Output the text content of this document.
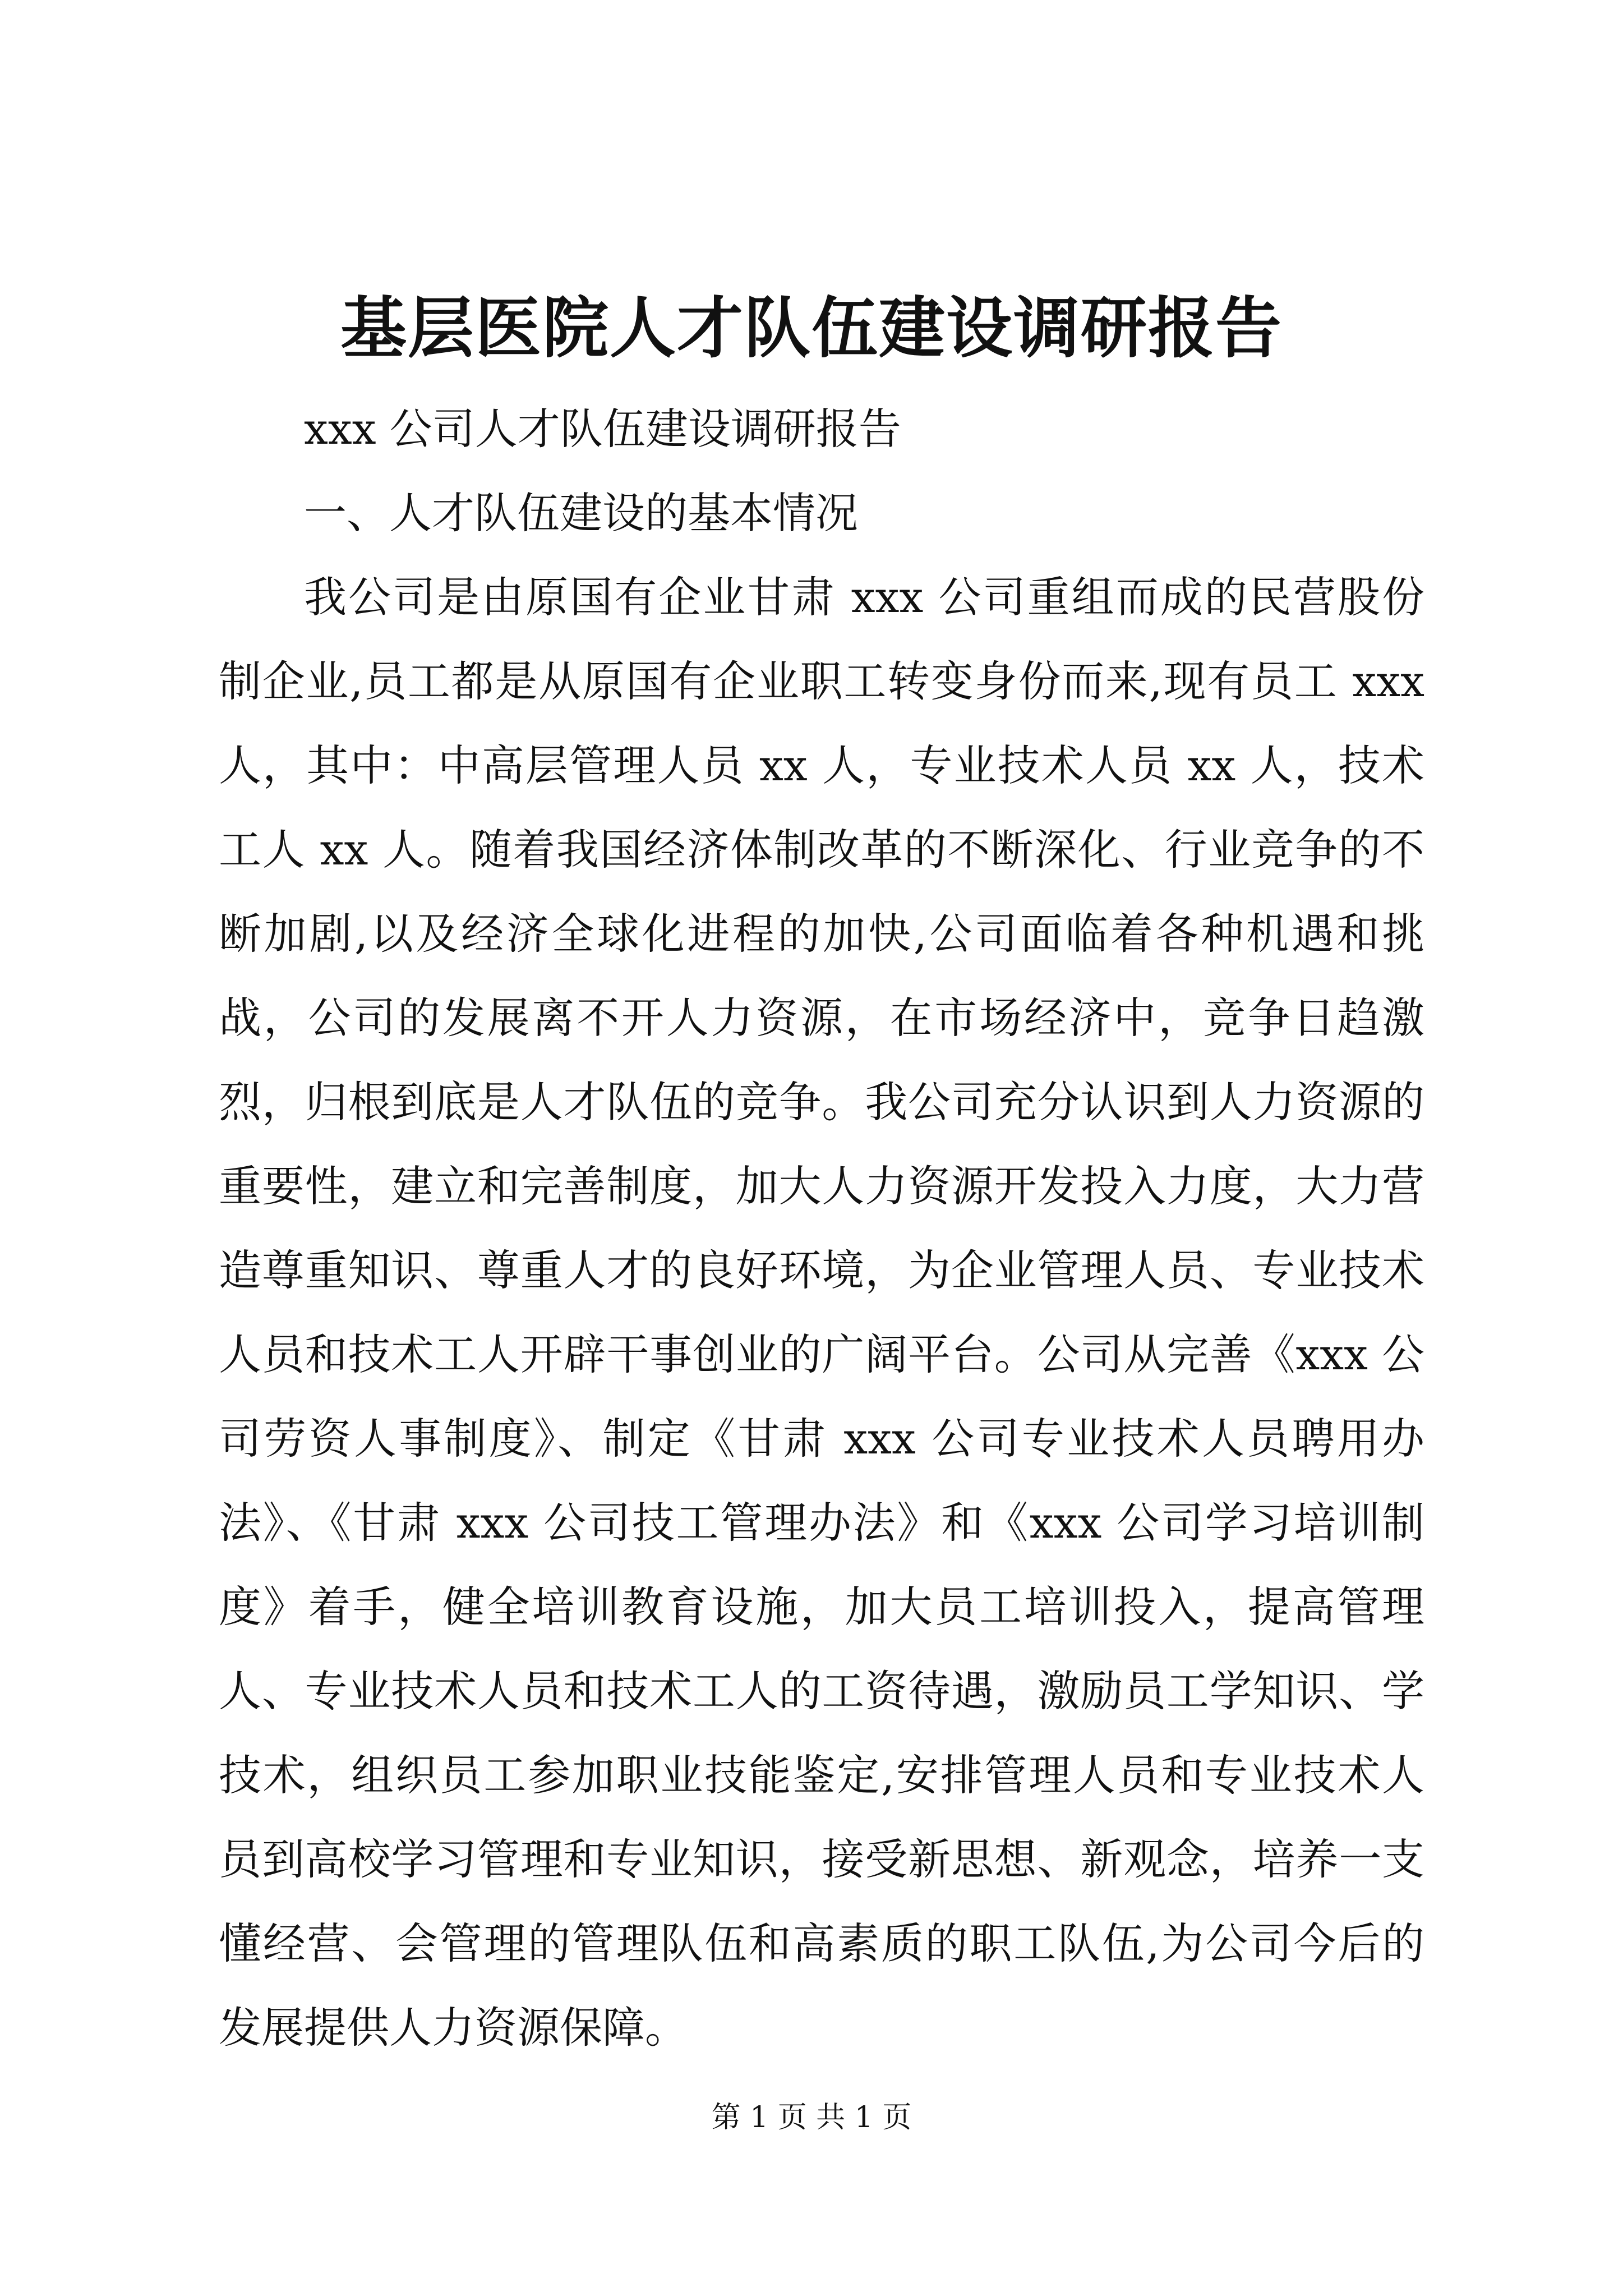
基层医院人才队伍建设调研报告

xxx 公司人才队伍建设调研报告

一、人才队伍建设的基本情况

我公司是由原国有企业甘肃 xxx 公司重组而成的民营股份制企业,员工都是从原国有企业职工转变身份而来,现有员工 xxx 人，其中：中高层管理人员 xx 人，专业技术人员 xx 人，技术工人 xx 人。随着我国经济体制改革的不断深化、行业竞争的不断加剧,以及经济全球化进程的加快,公司面临着各种机遇和挑战，公司的发展离不开人力资源，在市场经济中，竞争日趋激烈，归根到底是人才队伍的竞争。我公司充分认识到人力资源的重要性，建立和完善制度，加大人力资源开发投入力度，大力营造尊重知识、尊重人才的良好环境，为企业管理人员、专业技术人员和技术工人开辟干事创业的广阔平台。公司从完善《xxx 公司劳资人事制度》、制定《甘肃 xxx 公司专业技术人员聘用办法》、《甘肃 xxx 公司技工管理办法》和《xxx 公司学习培训制度》着手，健全培训教育设施，加大员工培训投入，提高管理人、专业技术人员和技术工人的工资待遇，激励员工学知识、学技术，组织员工参加职业技能鉴定,安排管理人员和专业技术人员到高校学习管理和专业知识，接受新思想、新观念，培养一支懂经营、会管理的管理队伍和高素质的职工队伍,为公司今后的发展提供人力资源保障。

第 1 页 共 1 页
